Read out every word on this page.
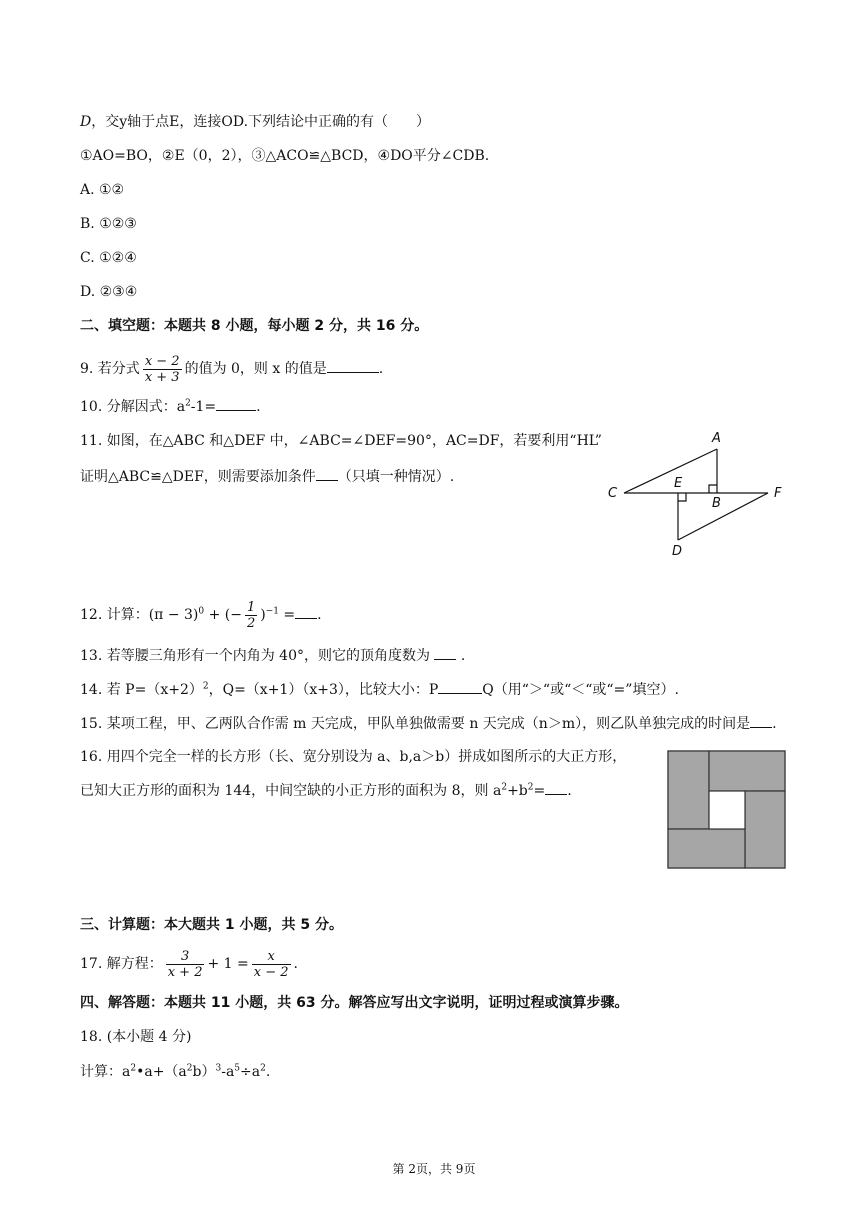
D，交y轴于点E，连接OD.下列结论中正确的有（　　）
①AO=BO，②E（0，2），③△ACO≌△BCD，④DO平分∠CDB.
A. ①②
B. ①②③
C. ①②④
D. ②③④
二、填空题：本题共 8 小题，每小题 2 分，共 16 分。
9. 若分式 $\frac{x - 2}{x + 3}$ 的值为 0，则 x 的值是	.
10. 分解因式：$a^2-1=$	.
11. 如图，在△ABC 和△DEF 中，∠ABC=∠DEF=90°，AC=DF，若要利用“HL”
证明△ABC≌△DEF，则需要添加条件 （只填一种情况）.
A
C
E
B
F
D
12. 计算：$(\pi - 3)^0$ + (− $\frac{1}{2} )^{-1}$ = .
13. 若等腰三角形有一个内角为 40°，则它的顶角度数为  .
14. 若 $P=(x+2)^2$，Q=（x+1）（x+3），比较大小：P	Q（用“＞“或“＜“或“=”填空）.
15. 某项工程，甲、乙两队合作需 m 天完成，甲队单独做需要 n 天完成（n＞m），则乙队单独完成的时间是 .
16. 用四个完全一样的长方形（长、宽分别设为 a、b,a＞b）拼成如图所示的大正方形，
已知大正方形的面积为 144，中间空缺的小正方形的面积为 8，则 $a^2+b^2=$ .
三、计算题：本大题共 1 小题，共 5 分。
17. 解方程： $\frac{3}{x + 2} + 1 = \frac{x}{x - 2}$ .
四、解答题：本题共 11 小题，共 63 分。解答应写出文字说明，证明过程或演算步骤。
18. (本小题 4 分)
计算：$a^2•a+(a^2b)^3-a^5\div a^2$.
第 2页，共 9页
